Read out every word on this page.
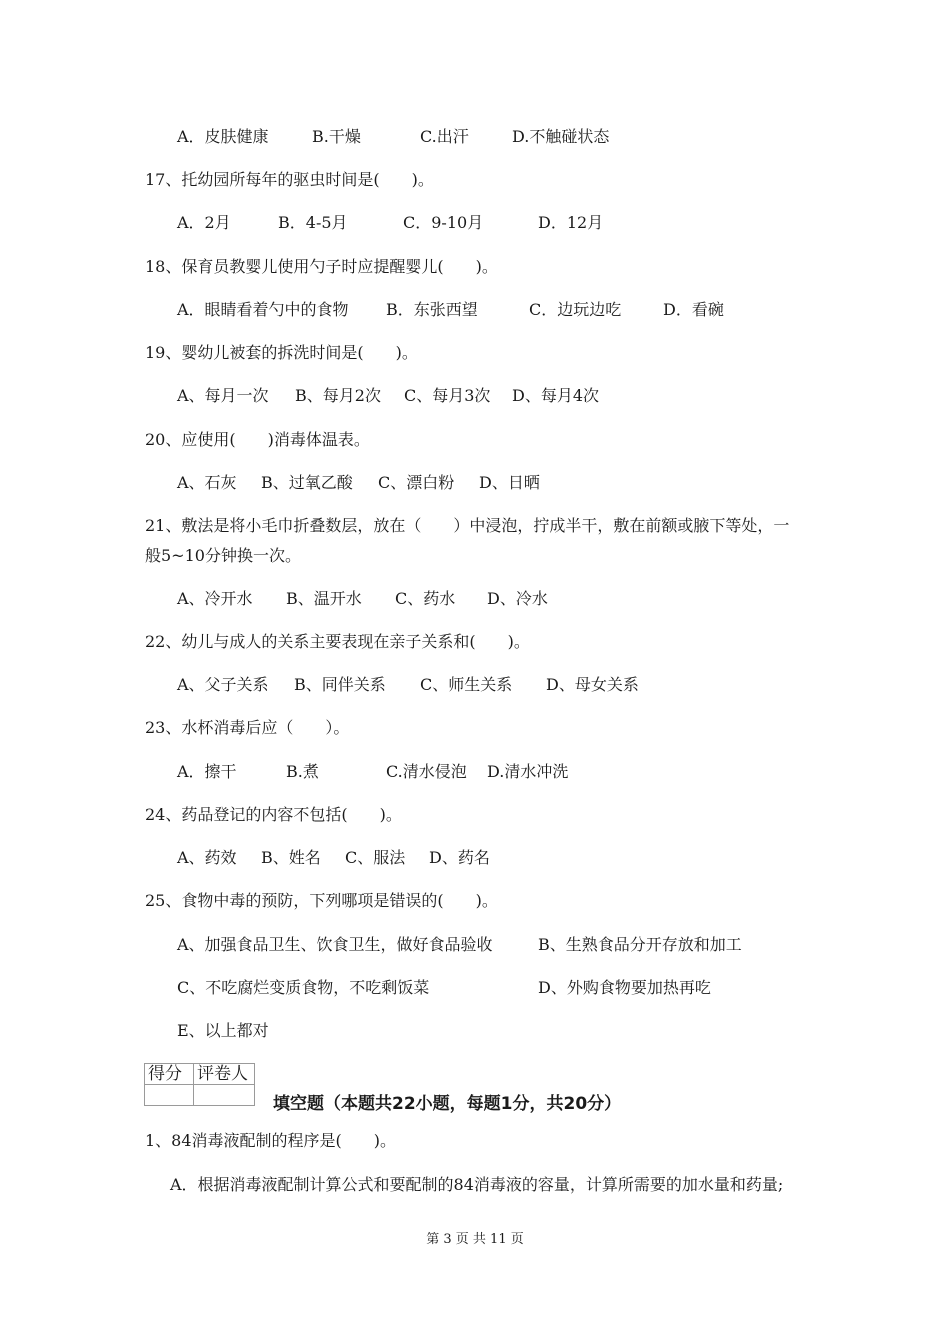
A．皮肤健康	B.干燥	C.出汗	D.不触碰状态
17、托幼园所每年的驱虫时间是(　　)。
A．2月	B．4-5月	C．9-10月	D．12月
18、保育员教婴儿使用勺子时应提醒婴儿(　　)。
A．眼睛看着勺中的食物 B．东张西望	C．边玩边吃	D．看碗
19、婴幼儿被套的拆洗时间是(　　)。
A、每月一次 B、每月2次 C、每月3次 D、每月4次
20、应使用(　　)消毒体温表。
A、石灰 B、过氧乙酸 C、漂白粉 D、日晒
21、敷法是将小毛巾折叠数层，放在（　　）中浸泡，拧成半干，敷在前额或腋下等处，一
般5~10分钟换一次。
A、冷开水 B、温开水 C、药水 D、冷水
22、幼儿与成人的关系主要表现在亲子关系和(　　)。
A、父子关系 B、同伴关系 C、师生关系 D、母女关系
23、水杯消毒后应（　　）。
A．擦干	B.煮	C.清水侵泡 D.清水冲洗
24、药品登记的内容不包括(　　)。
A、药效 B、姓名 C、服法 D、药名
25、食物中毒的预防，下列哪项是错误的(　　)。
A、加强食品卫生、饮食卫生，做好食品验收	B、生熟食品分开存放和加工
C、不吃腐烂变质食物，不吃剩饭菜	D、外购食物要加热再吃
E、以上都对
得分	评卷人

填空题（本题共22小题，每题1分，共20分）
1、84消毒液配制的程序是(　　)。
A．根据消毒液配制计算公式和要配制的84消毒液的容量，计算所需要的加水量和药量;
第 3 页 共 11 页
